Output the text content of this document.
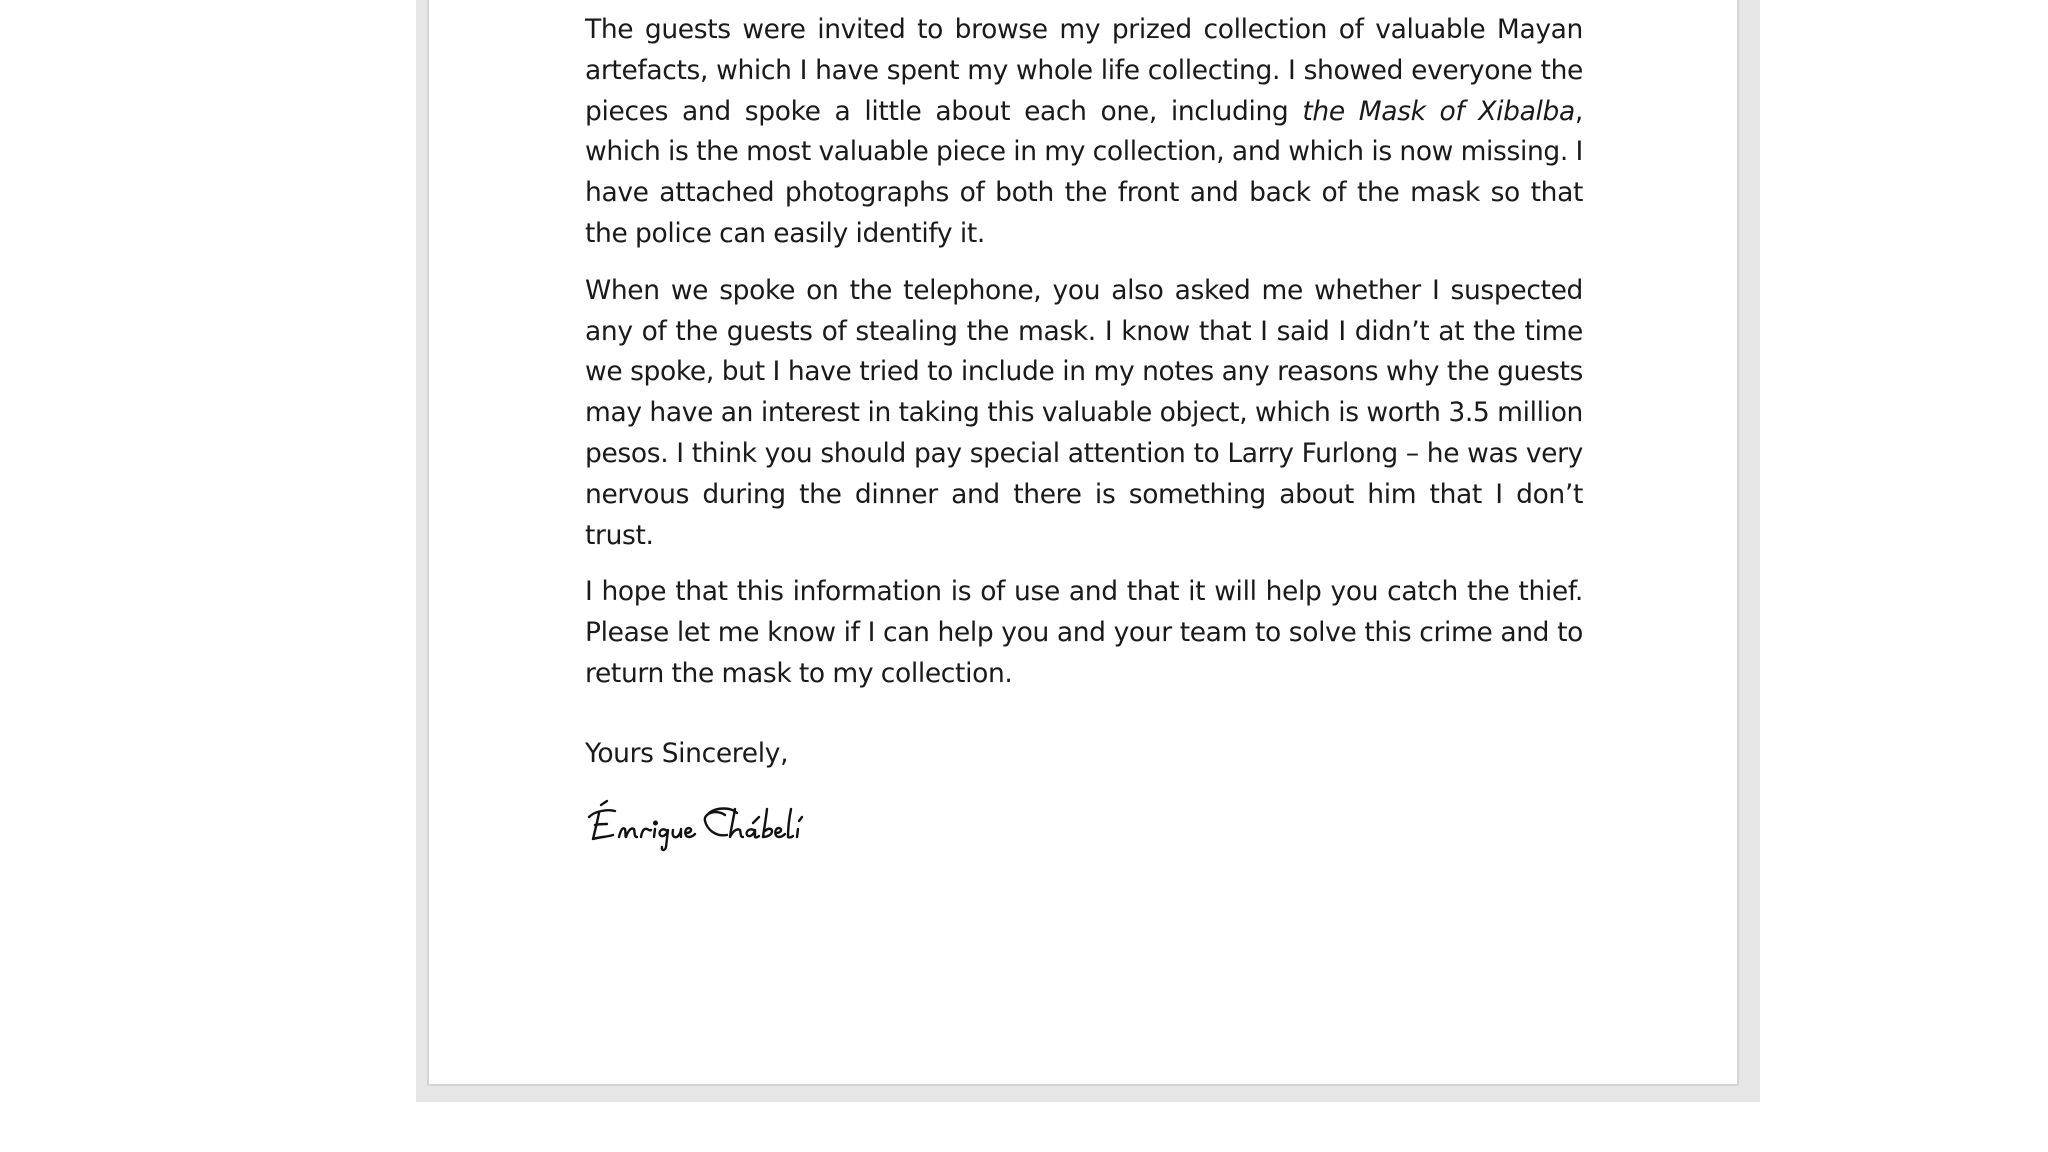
The guests were invited to browse my prized collection of valuable Mayan artefacts, which I have spent my whole life collecting. I showed everyone the pieces and spoke a little about each one, including the Mask of Xibalba, which is the most valuable piece in my collection, and which is now missing. I have attached photographs of both the front and back of the mask so that the police can easily identify it.

When we spoke on the telephone, you also asked me whether I suspected any of the guests of stealing the mask. I know that I said I didn’t at the time we spoke, but I have tried to include in my notes any reasons why the guests may have an interest in taking this valuable object, which is worth 3.5 million pesos. I think you should pay special attention to Larry Furlong – he was very nervous during the dinner and there is something about him that I don’t trust.

I hope that this information is of use and that it will help you catch the thief. Please let me know if I can help you and your team to solve this crime and to return the mask to my collection.

Yours Sincerely,
